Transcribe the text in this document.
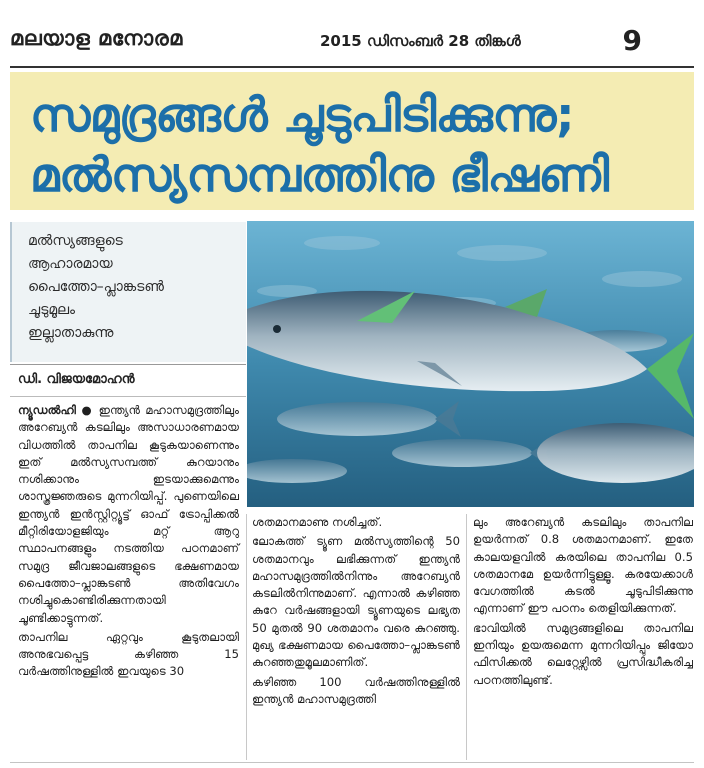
മലയാള മനോരമ	2015 ഡിസംബർ 28 തിങ്കൾ	9
സമുദ്രങ്ങൾ ചൂടുപിടിക്കുന്നു;
മൽസ്യസമ്പത്തിനു ഭീഷണി
മൽസ്യങ്ങളുടെ
ആഹാരമായ
പൈത്തോ–പ്ലാങ്കടൺ
ചൂടുമൂലം
ഇല്ലാതാകുന്നു
ഡി. വിജയമോഹൻ

ന്യൂഡൽഹി ● ഇന്ത്യൻ മഹാസമുദ്രത്തിലും അറേബ്യൻ കടലിലും അസാധാരണമായ വിധത്തിൽ താപനില കൂടുകയാണെന്നും ഇത് മൽസ്യസമ്പത്ത് കുറയാനും നശിക്കാനും ഇടയാക്കുമെന്നും ശാസ്ത്രജ്ഞരുടെ മുന്നറിയിപ്പ്. പുണെയിലെ ഇന്ത്യൻ ഇൻസ്റ്റിറ്റ്യൂട്ട് ഓഫ് ട്രോപ്പിക്കൽ മീറ്റിരിയോളജിയും മറ്റ് ആറു സ്ഥാപനങ്ങളും നടത്തിയ പഠനമാണ് സമുദ്ര ജീവജാലങ്ങളുടെ ഭക്ഷണമായ പൈത്തോ–പ്ലാങ്കടൺ അതിവേഗം നശിച്ചുകൊണ്ടിരിക്കുന്നതായി ചൂണ്ടിക്കാട്ടുന്നത്.

താപനില ഏറ്റവും കൂടുതലായി അനുഭവപ്പെട്ട കഴിഞ്ഞ 15 വർഷത്തിനുള്ളിൽ ഇവയുടെ 30

ശതമാനമാണു നശിച്ചത്.

ലോകത്ത് ട്യൂണ മൽസ്യത്തിന്റെ 50 ശതമാനവും ലഭിക്കുന്നത് ഇന്ത്യൻ മഹാസമുദ്രത്തിൽനിന്നും അറേബ്യൻ കടലിൽനിന്നുമാണ്. എന്നാൽ കഴിഞ്ഞ കുറേ വർഷങ്ങളായി ട്യൂണയുടെ ലഭ്യത 50 മുതൽ 90 ശതമാനം വരെ കുറഞ്ഞു. മുഖ്യ ഭക്ഷണമായ പൈത്തോ–പ്ലാങ്കടൺ കുറഞ്ഞതുമൂലമാണിത്.

കഴിഞ്ഞ 100 വർഷത്തിനുള്ളിൽ ഇന്ത്യൻ മഹാസമുദ്രത്തി

ലും അറേബ്യൻ കടലിലും താപനില ഉയർന്നത് 0.8 ശതമാനമാണ്. ഇതേ കാലയളവിൽ കരയിലെ താപനില 0.5 ശതമാനമേ ഉയർന്നിട്ടുള്ളൂ. കരയേക്കാൾ വേഗത്തിൽ കടൽ ചൂടുപിടിക്കുന്നു എന്നാണ് ഈ പഠനം തെളിയിക്കുന്നത്.

ഭാവിയിൽ സമുദ്രങ്ങളിലെ താപനില ഇനിയും ഉയരുമെന്ന മുന്നറിയിപ്പും ജിയോ ഫിസിക്കൽ ലെറ്റേഴ്സിൽ പ്രസിദ്ധീകരിച്ച പഠനത്തിലുണ്ട്.
